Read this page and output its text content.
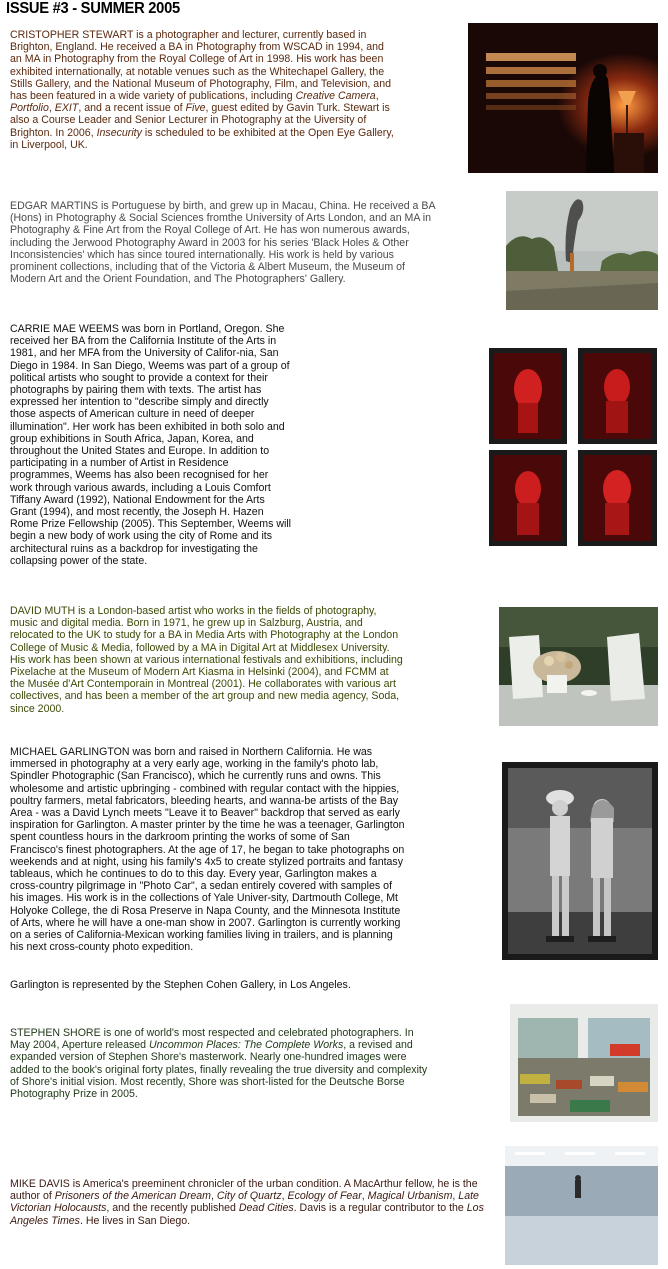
ISSUE #3 - SUMMER 2005

CRISTOPHER STEWART is a photographer and lecturer, currently based in Brighton, England. He received a BA in Photography from WSCAD in 1994, and an MA in Photography from the Royal College of Art in 1998. His work has been exhibited internationally, at notable venues such as the Whitechapel Gallery, the Stills Gallery, and the National Museum of Photography, Film, and Television, and has been featured in a wide variety of publications, including Creative Camera, Portfolio, EXIT, and a recent issue of Five, guest edited by Gavin Turk. Stewart is also a Course Leader and Senior Lecturer in Photography at the Uiversity of Brighton. In 2006, Insecurity is scheduled to be exhibited at the Open Eye Gallery, in Liverpool, UK.

EDGAR MARTINS is Portuguese by birth, and grew up in Macau, China. He received a BA (Hons) in Photography & Social Sciences fromthe University of Arts London, and an MA in Photography & Fine Art from the Royal College of Art. He has won numerous awards, including the Jerwood Photography Award in 2003 for his series 'Black Holes & Other Inconsistencies' which has since toured internationally. His work is held by various prominent collections, including that of the Victoria & Albert Museum, the Museum of Modern Art and the Orient Foundation, and The Photographers' Gallery.

CARRIE MAE WEEMS was born in Portland, Oregon. She received her BA from the California Institute of the Arts in 1981, and her MFA from the University of Califor-nia, San Diego in 1984. In San Diego, Weems was part of a group of political artists who sought to provide a context for their photographs by pairing them with texts. The artist has expressed her intention to "describe simply and directly those aspects of American culture in need of deeper illumination". Her work has been exhibited in both solo and group exhibitions in South Africa, Japan, Korea, and throughout the United States and Europe. In addition to participating in a number of Artist in Residence programmes, Weems has also been recognised for her work through various awards, including a Louis Comfort Tiffany Award (1992), National Endowment for the Arts Grant (1994), and most recently, the Joseph H. Hazen Rome Prize Fellowship (2005). This September, Weems will begin a new body of work using the city of Rome and its architectural ruins as a backdrop for investigating the collapsing power of the state.

DAVID MUTH is a London-based artist who works in the fields of photography, music and digital media. Born in 1971, he grew up in Salzburg, Austria, and relocated to the UK to study for a BA in Media Arts with Photography at the London College of Music & Media, followed by a MA in Digital Art at Middlesex University. His work has been shown at various international festivals and exhibitions, including Pixelache at the Museum of Modern Art Kiasma in Helsinki (2004), and FCMM at the Musée d'Art Contemporain in Montreal (2001). He collaborates with various art collectives, and has been a member of the art group and new media agency, Soda, since 2000.

MICHAEL GARLINGTON was born and raised in Northern California. He was immersed in photography at a very early age, working in the family's photo lab, Spindler Photographic (San Francisco), which he currently runs and owns. This wholesome and artistic upbringing - combined with regular contact with the hippies, poultry farmers, metal fabricators, bleeding hearts, and wanna-be artists of the Bay Area - was a David Lynch meets "Leave it to Beaver" backdrop that served as early inspiration for Garlington. A master printer by the time he was a teenager, Garlington spent countless hours in the darkroom printing the works of some of San Francisco's finest photographers. At the age of 17, he began to take photographs on weekends and at night, using his family's 4x5 to create stylized portraits and fantasy tableaus, which he continues to do to this day. Every year, Garlington makes a cross-country pilgrimage in "Photo Car", a sedan entirely covered with samples of his images. His work is in the collections of Yale Univer-sity, Dartmouth College, Mt Holyoke College, the di Rosa Preserve in Napa County, and the Minnesota Institute of Arts, where he will have a one-man show in 2007. Garlington is currently working on a series of California-Mexican working families living in trailers, and is planning his next cross-county photo expedition.

Garlington is represented by the Stephen Cohen Gallery, in Los Angeles.

STEPHEN SHORE is one of world's most respected and celebrated photographers. In May 2004, Aperture released Uncommon Places: The Complete Works, a revised and expanded version of Stephen Shore's masterwork. Nearly one-hundred images were added to the book's original forty plates, finally revealing the true diversity and complexity of Shore's initial vision. Most recently, Shore was short-listed for the Deutsche Borse Photography Prize in 2005.

MIKE DAVIS is America's preeminent chronicler of the urban condition. A MacArthur fellow, he is the author of Prisoners of the American Dream, City of Quartz, Ecology of Fear, Magical Urbanism, Late Victorian Holocausts, and the recently published Dead Cities. Davis is a regular contributor to the Los Angeles Times. He lives in San Diego.
